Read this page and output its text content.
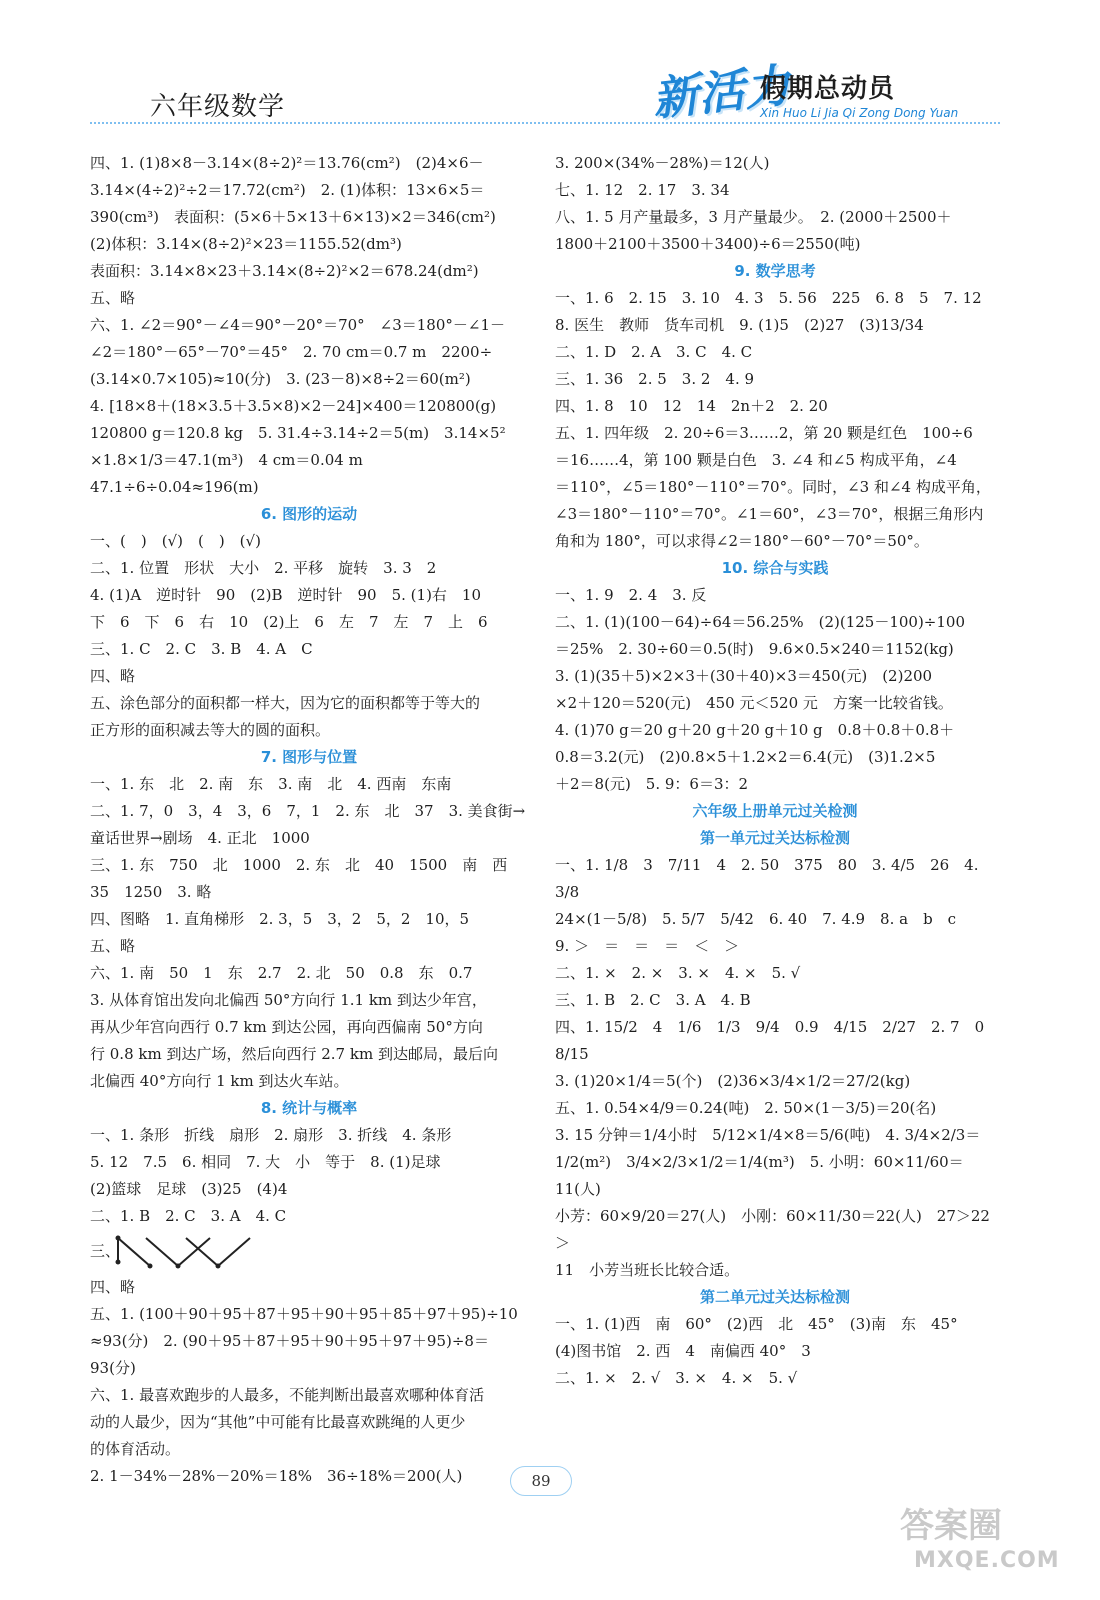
六年级数学	新活力
假期总动员
Xin Huo Li Jia Qi Zong Dong Yuan

四、1. (1)8×8－3.14×(8÷2)²＝13.76(cm²)　(2)4×6－

3.14×(4÷2)²÷2＝17.72(cm²)　2. (1)体积：13×6×5＝

390(cm³)　表面积：(5×6＋5×13＋6×13)×2＝346(cm²)

(2)体积：3.14×(8÷2)²×23＝1155.52(dm³)

表面积：3.14×8×23＋3.14×(8÷2)²×2＝678.24(dm²)

五、略

六、1. ∠2＝90°－∠4＝90°－20°＝70°　∠3＝180°－∠1－

∠2＝180°－65°－70°＝45°　2. 70 cm＝0.7 m　2200÷

(3.14×0.7×105)≈10(分)　3. (23－8)×8÷2＝60(m²)

4. [18×8＋(18×3.5＋3.5×8)×2－24]×400＝120800(g)

120800 g＝120.8 kg　5. 31.4÷3.14÷2＝5(m)　3.14×5²

×1.8×1/3＝47.1(m³)　4 cm＝0.04 m　47.1÷6÷0.04≈196(m)

6. 图形的运动

一、(　)　(√)　(　)　(√)

二、1. 位置　形状　大小　2. 平移　旋转　3. 3　2

4. (1)A　逆时针　90　(2)B　逆时针　90　5. (1)右　10

下　6　下　6　右　10　(2)上　6　左　7　左　7　上　6

三、1. C　2. C　3. B　4. A　C

四、略

五、涂色部分的面积都一样大，因为它的面积都等于等大的

正方形的面积减去等大的圆的面积。

7. 图形与位置

一、1. 东　北　2. 南　东　3. 南　北　4. 西南　东南

二、1. 7，0　3，4　3，6　7，1　2. 东　北　37　3. 美食街→

童话世界→剧场　4. 正北　1000

三、1. 东　750　北　1000　2. 东　北　40　1500　南　西

35　1250　3. 略

四、图略　1. 直角梯形　2. 3，5　3，2　5，2　10，5

五、略

六、1. 南　50　1　东　2.7　2. 北　50　0.8　东　0.7

3. 从体育馆出发向北偏西 50°方向行 1.1 km 到达少年宫，

再从少年宫向西行 0.7 km 到达公园，再向西偏南 50°方向

行 0.8 km 到达广场，然后向西行 2.7 km 到达邮局，最后向

北偏西 40°方向行 1 km 到达火车站。

8. 统计与概率

一、1. 条形　折线　扇形　2. 扇形　3. 折线　4. 条形

5. 12　7.5　6. 相同　7. 大　小　等于　8. (1)足球

(2)篮球　足球　(3)25　(4)4

二、1. B　2. C　3. A　4. C

三、

四、略

五、1. (100＋90＋95＋87＋95＋90＋95＋85＋97＋95)÷10

≈93(分)　2. (90＋95＋87＋95＋90＋95＋97＋95)÷8＝93(分)

六、1. 最喜欢跑步的人最多，不能判断出最喜欢哪种体育活

动的人最少，因为“其他”中可能有比最喜欢跳绳的人更少

的体育活动。

2. 1－34%－28%－20%＝18%　36÷18%＝200(人)

3. 200×(34%－28%)＝12(人)

七、1. 12　2. 17　3. 34

八、1. 5 月产量最多，3 月产量最少。　2. (2000＋2500＋

1800＋2100＋3500＋3400)÷6＝2550(吨)

9. 数学思考

一、1. 6　2. 15　3. 10　4. 3　5. 56　225　6. 8　5　7. 12

8. 医生　教师　货车司机　9. (1)5　(2)27　(3)13/34

二、1. D　2. A　3. C　4. C

三、1. 36　2. 5　3. 2　4. 9

四、1. 8　10　12　14　2n＋2　2. 20

五、1. 四年级　2. 20÷6＝3……2，第 20 颗是红色　100÷6

＝16……4，第 100 颗是白色　3. ∠4 和∠5 构成平角，∠4

＝110°，∠5＝180°－110°＝70°。同时，∠3 和∠4 构成平角，

∠3＝180°－110°＝70°。∠1＝60°，∠3＝70°，根据三角形内

角和为 180°，可以求得∠2＝180°－60°－70°＝50°。

10. 综合与实践

一、1. 9　2. 4　3. 反

二、1. (1)(100－64)÷64＝56.25%　(2)(125－100)÷100

＝25%　2. 30÷60＝0.5(时)　9.6×0.5×240＝1152(kg)

3. (1)(35＋5)×2×3＋(30＋40)×3＝450(元)　(2)200

×2＋120＝520(元)　450 元＜520 元　方案一比较省钱。

4. (1)70 g＝20 g＋20 g＋20 g＋10 g　0.8＋0.8＋0.8＋

0.8＝3.2(元)　(2)0.8×5＋1.2×2＝6.4(元)　(3)1.2×5

＋2＝8(元)　5. 9：6＝3：2

六年级上册单元过关检测

第一单元过关达标检测

一、1. 1/8　3　7/11　4　2. 50　375　80　3. 4/5　26　4. 3/8

24×(1－5/8)　5. 5/7　5/42　6. 40　7. 4.9　8. a　b　c

9. ＞　＝　＝　＝　＜　＞

二、1. ×　2. ×　3. ×　4. ×　5. √

三、1. B　2. C　3. A　4. B

四、1. 15/2　4　1/6　1/3　9/4　0.9　4/15　2/27　2. 7　0　8/15

3. (1)20×1/4＝5(个)　(2)36×3/4×1/2＝27/2(kg)

五、1. 0.54×4/9＝0.24(吨)　2. 50×(1－3/5)＝20(名)

3. 15 分钟＝1/4小时　5/12×1/4×8＝5/6(吨)　4. 3/4×2/3＝

1/2(m²)　3/4×2/3×1/2＝1/4(m³)　5. 小明：60×11/60＝11(人)

小芳：60×9/20＝27(人)　小刚：60×11/30＝22(人)　27＞22＞

11　小芳当班长比较合适。

第二单元过关达标检测

一、1. (1)西　南　60°　(2)西　北　45°　(3)南　东　45°

(4)图书馆　2. 西　4　南偏西 40°　3

二、1. ×　2. √　3. ×　4. ×　5. √

89
答案圈
MXQE.COM
